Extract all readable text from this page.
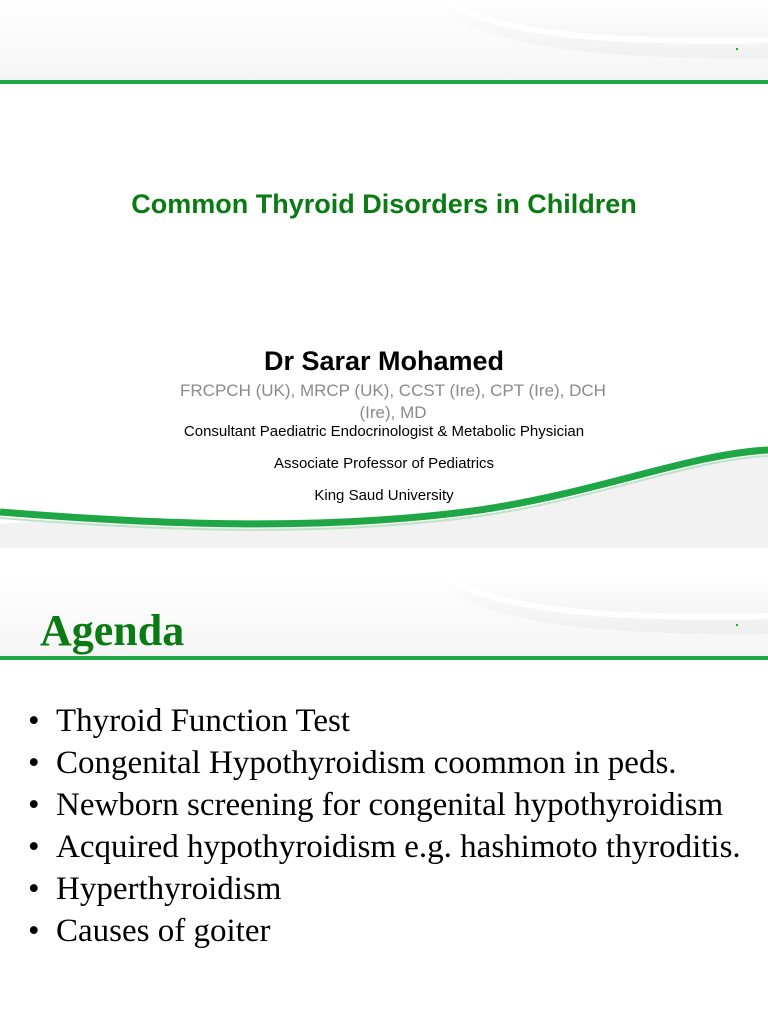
Common Thyroid Disorders in Children
Dr Sarar Mohamed
FRCPCH (UK), MRCP (UK), CCST (Ire), CPT (Ire), DCH (Ire), MD
Consultant Paediatric Endocrinologist & Metabolic Physician
Associate Professor of Pediatrics
King Saud University
Agenda
• Thyroid Function Test
• Congenital Hypothyroidism coommon in peds.
• Newborn screening for congenital hypothyroidism
• Acquired hypothyroidism e.g. hashimoto thyroditis.
• Hyperthyroidism
• Causes of goiter
